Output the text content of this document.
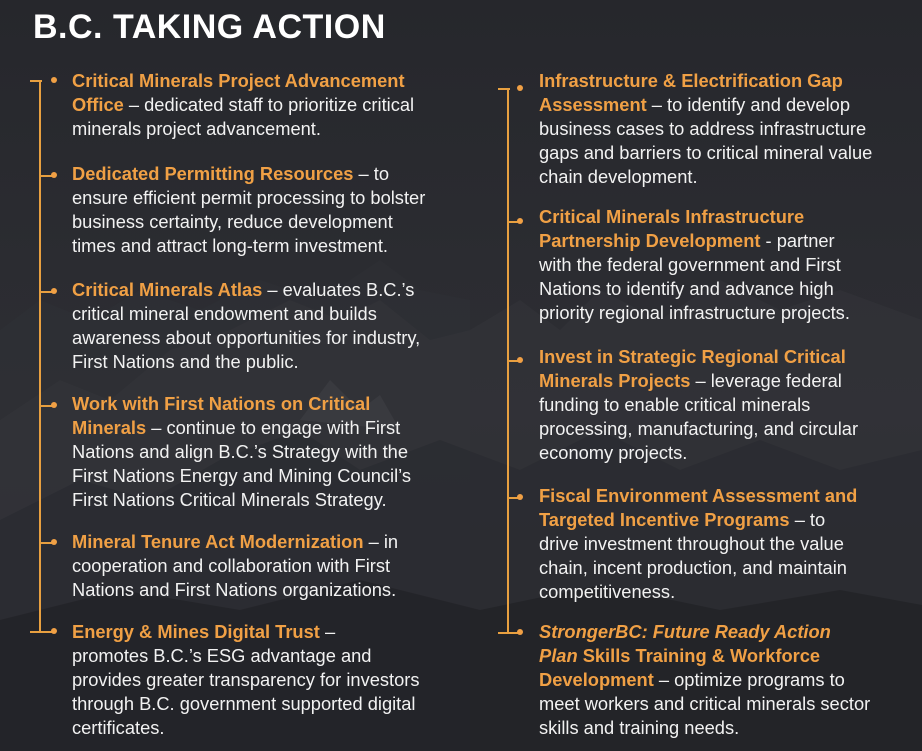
B.C. TAKING ACTION
Critical Minerals Project Advancement
Office – dedicated staff to prioritize critical
minerals project advancement.
Dedicated Permitting Resources – to
ensure efficient permit processing to bolster
business certainty, reduce development
times and attract long-term investment.
Critical Minerals Atlas – evaluates B.C.’s
critical mineral endowment and builds
awareness about opportunities for industry,
First Nations and the public.
Work with First Nations on Critical
Minerals – continue to engage with First
Nations and align B.C.’s Strategy with the
First Nations Energy and Mining Council’s
First Nations Critical Minerals Strategy.
Mineral Tenure Act Modernization – in
cooperation and collaboration with First
Nations and First Nations organizations.
Energy & Mines Digital Trust –
promotes B.C.’s ESG advantage and
provides greater transparency for investors
through B.C. government supported digital
certificates.
Infrastructure & Electrification Gap
Assessment – to identify and develop
business cases to address infrastructure
gaps and barriers to critical mineral value
chain development.
Critical Minerals Infrastructure
Partnership Development - partner
with the federal government and First
Nations to identify and advance high
priority regional infrastructure projects.
Invest in Strategic Regional Critical
Minerals Projects – leverage federal
funding to enable critical minerals
processing, manufacturing, and circular
economy projects.
Fiscal Environment Assessment and
Targeted Incentive Programs – to
drive investment throughout the value
chain, incent production, and maintain
competitiveness.
StrongerBC: Future Ready Action
Plan Skills Training & Workforce
Development – optimize programs to
meet workers and critical minerals sector
skills and training needs.
